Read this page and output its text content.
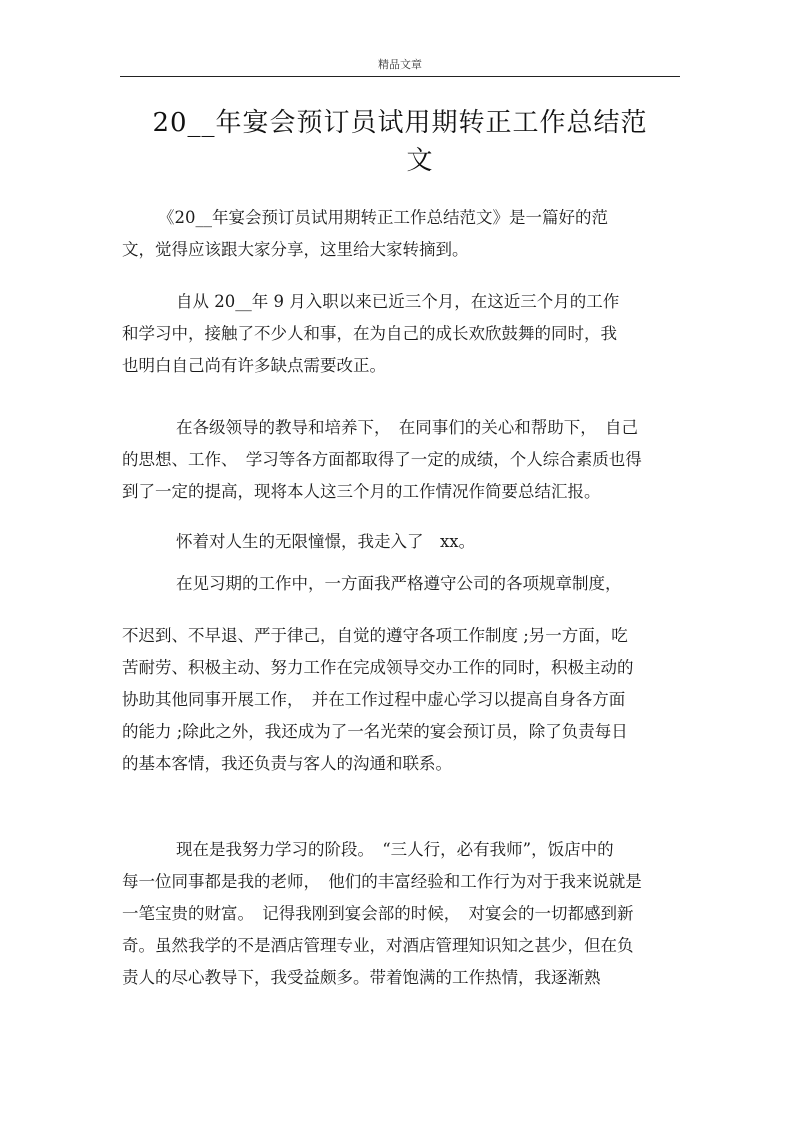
精品文章
20__年宴会预订员试用期转正工作总结范
文

《20__年宴会预订员试用期转正工作总结范文》是一篇好的范
文，觉得应该跟大家分享，这里给大家转摘到。

自从 20__年 9 月入职以来已近三个月，在这近三个月的工作
和学习中，接触了不少人和事，在为自己的成长欢欣鼓舞的同时，我
也明白自己尚有许多缺点需要改正。

在各级领导的教导和培养下，　在同事们的关心和帮助下，　自己
的思想、工作、　学习等各方面都取得了一定的成绩，个人综合素质也得
到了一定的提高，现将本人这三个月的工作情况作简要总结汇报。

怀着对人生的无限憧憬，我走入了　xx。

在见习期的工作中，一方面我严格遵守公司的各项规章制度，

不迟到、不早退、严于律己，自觉的遵守各项工作制度 ;另一方面，吃
苦耐劳、积极主动、努力工作在完成领导交办工作的同时，积极主动的
协助其他同事开展工作，　并在工作过程中虚心学习以提高自身各方面
的能力 ;除此之外，我还成为了一名光荣的宴会预订员，除了负责每日
的基本客情，我还负责与客人的沟通和联系。

现在是我努力学习的阶段。　“三人行，必有我师”，饭店中的
每一位同事都是我的老师，　他们的丰富经验和工作行为对于我来说就是
一笔宝贵的财富。　记得我刚到宴会部的时候，　对宴会的一切都感到新
奇。虽然我学的不是酒店管理专业，对酒店管理知识知之甚少，但在负
责人的尽心教导下，我受益颇多。带着饱满的工作热情，我逐渐熟
